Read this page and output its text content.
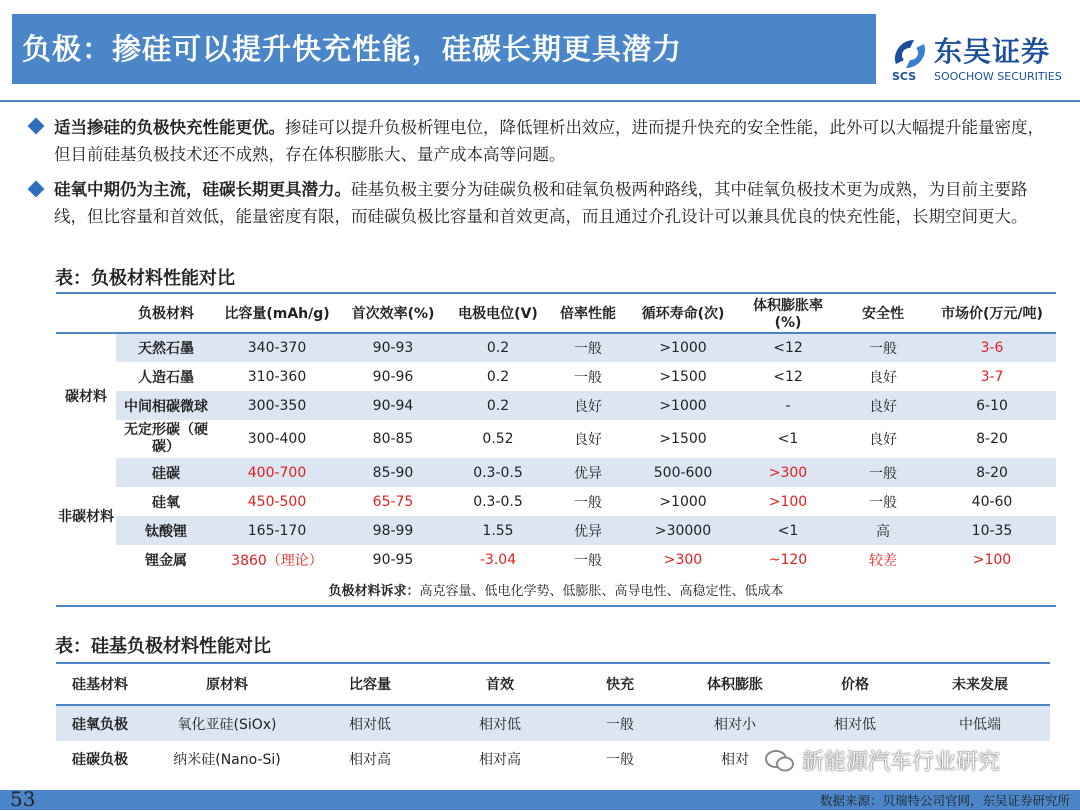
负极：掺硅可以提升快充性能，硅碳长期更具潜力
SCS
东吴证券
SOOCHOW SECURITIES
适当掺硅的负极快充性能更优。掺硅可以提升负极析锂电位，降低锂析出效应，进而提升快充的安全性能，此外可以大幅提升能量密度，但目前硅基负极技术还不成熟，存在体积膨胀大、量产成本高等问题。
硅氧中期仍为主流，硅碳长期更具潜力。硅基负极主要分为硅碳负极和硅氧负极两种路线，其中硅氧负极技术更为成熟，为目前主要路线，但比容量和首效低，能量密度有限，而硅碳负极比容量和首效更高，而且通过介孔设计可以兼具优良的快充性能，长期空间更大。
表：负极材料性能对比
	负极材料	比容量(mAh/g)	首次效率(%)	电极电位(V)	倍率性能	循环寿命(次)	体积膨胀率(%)	安全性	市场价(万元/吨)
碳材料	天然石墨	340-370	90-93	0.2	一般	>1000	<12	一般	3-6
	人造石墨	310-360	90-96	0.2	一般	>1500	<12	良好	3-7
	中间相碳微球	300-350	90-94	0.2	良好	>1000	-	良好	6-10
	无定形碳（硬碳）	300-400	80-85	0.52	良好	>1500	<1	良好	8-20
非碳材料	硅碳	400-700	85-90	0.3-0.5	优异	500-600	>300	一般	8-20
	硅氧	450-500	65-75	0.3-0.5	一般	>1000	>100	一般	40-60
	钛酸锂	165-170	98-99	1.55	优异	>30000	<1	高	10-35
	锂金属	3860（理论）	90-95	-3.04	一般	>300	~120	较差	>100
负极材料诉求：高克容量、低电化学势、低膨胀、高导电性、高稳定性、低成本									
表：硅基负极材料性能对比
硅基材料	原材料	比容量	首效	快充	体积膨胀	价格	未来发展
硅氧负极	氧化亚硅(SiOx)	相对低	相对低	一般	相对小	相对低	中低端
硅碳负极	纳米硅(Nano-Si)	相对高	相对高	一般	相对		新能源汽车行业研究
53	数据来源：贝瑞特公司官网，东吴证券研究所
